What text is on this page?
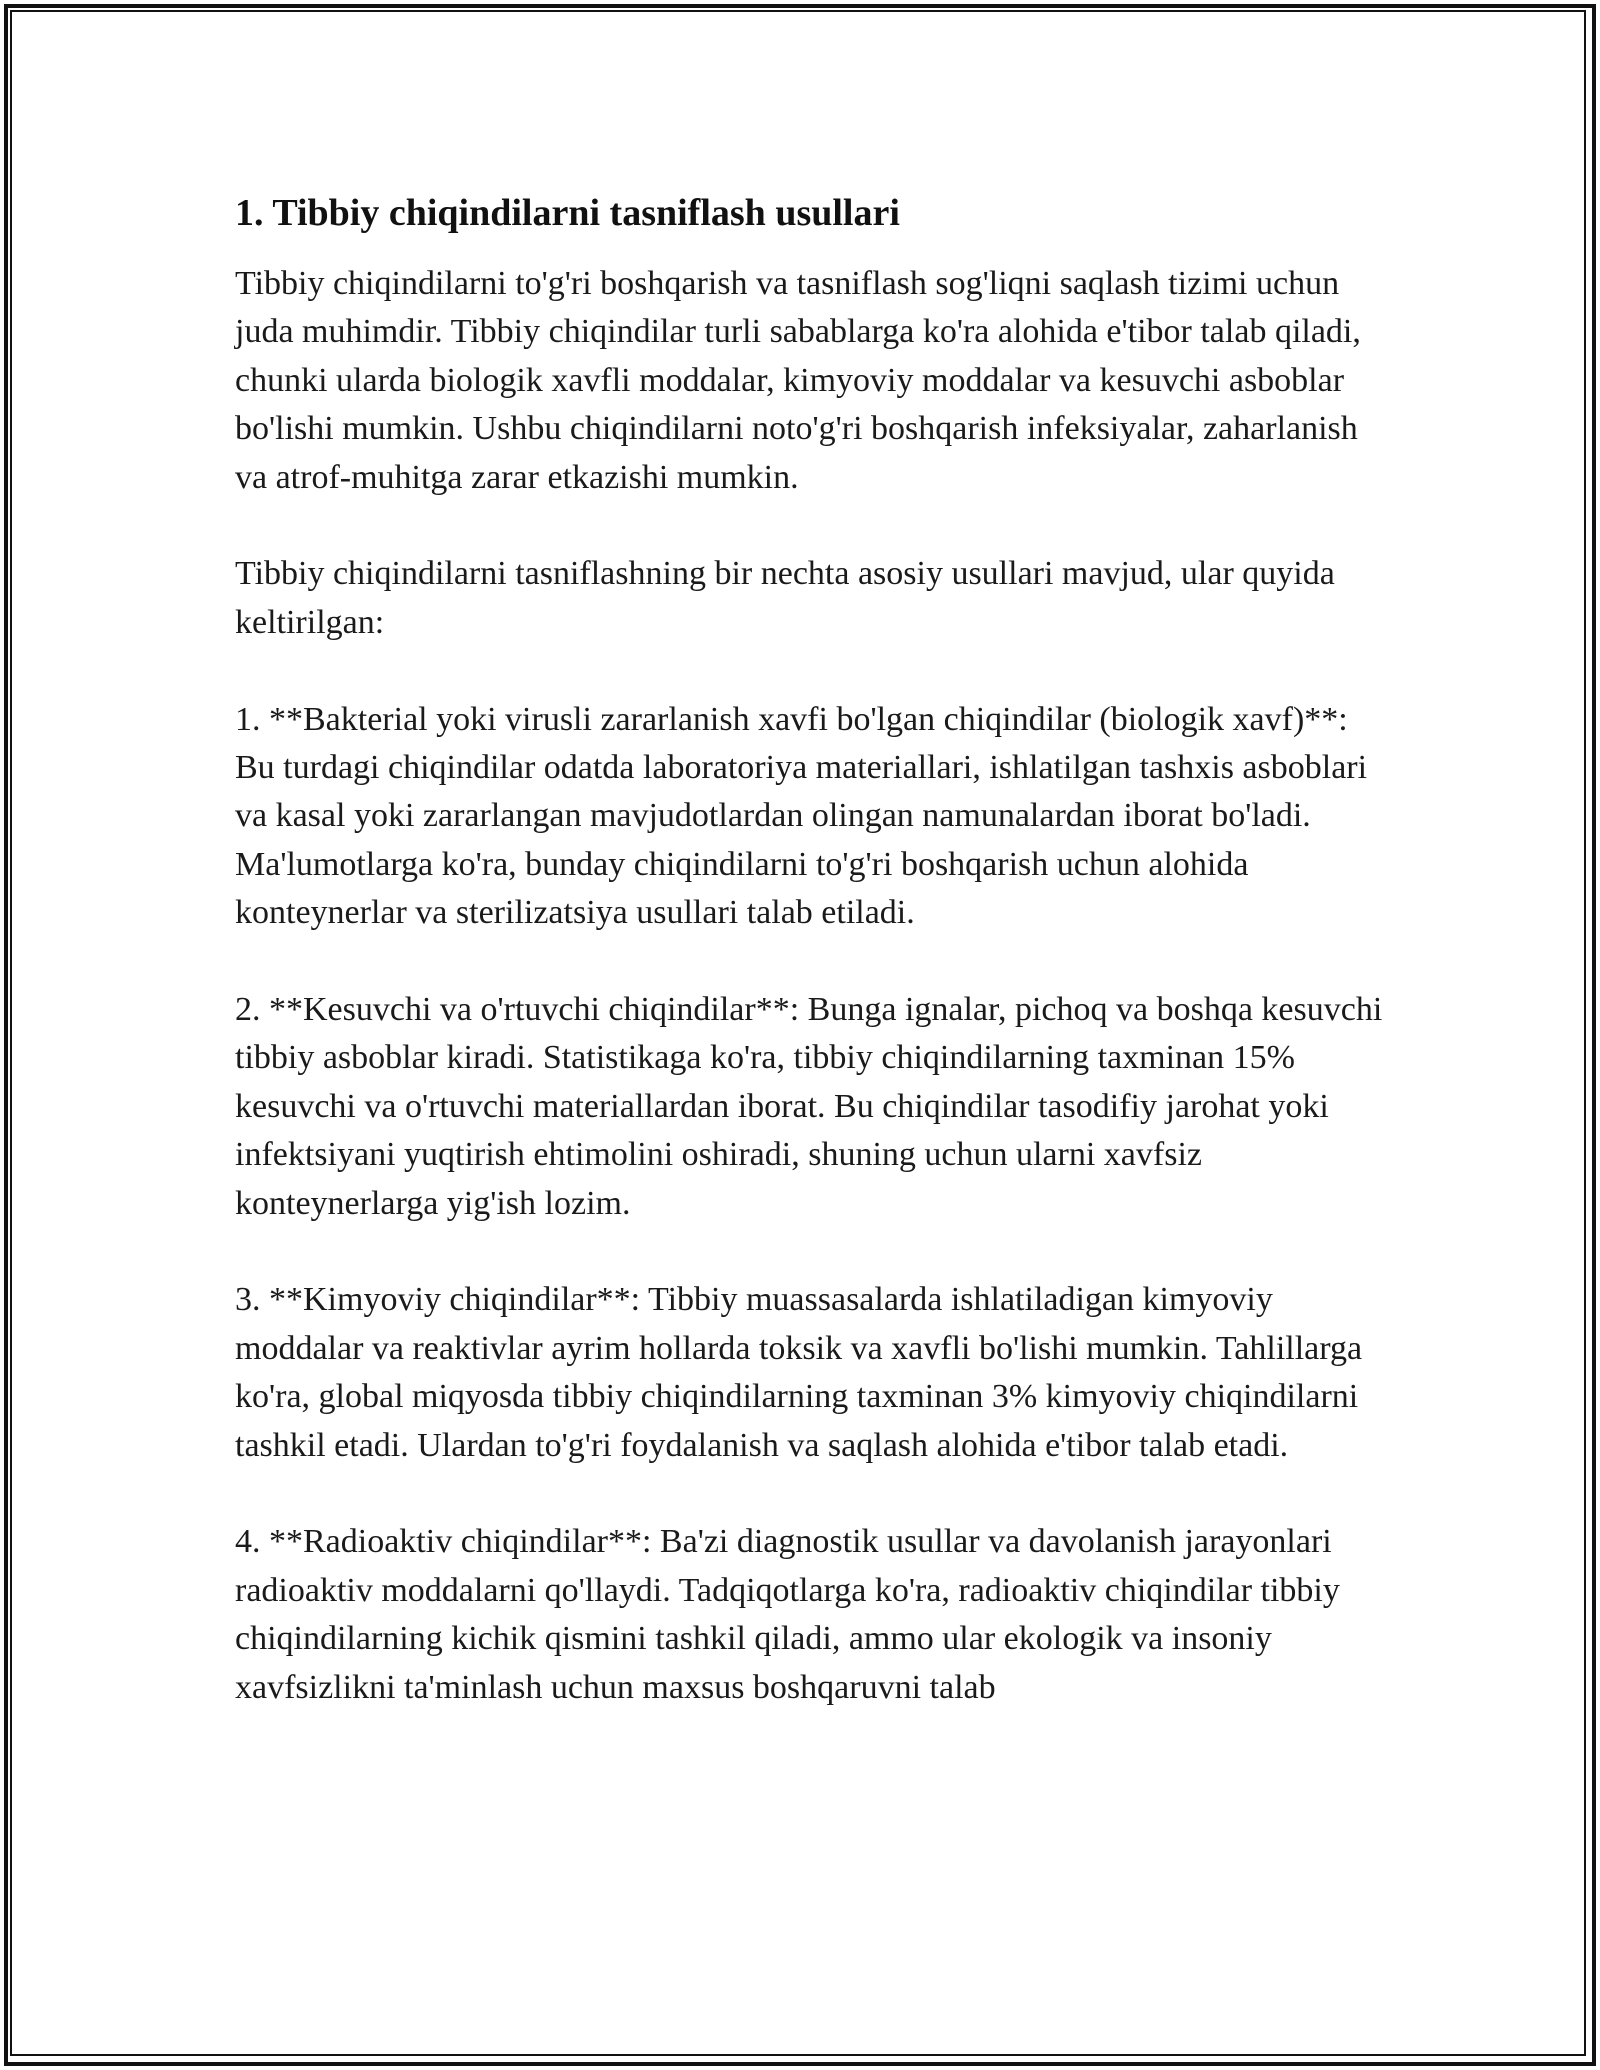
1. Tibbiy chiqindilarni tasniflash usullari

Tibbiy chiqindilarni to'g'ri boshqarish va tasniflash sog'liqni saqlash tizimi uchun juda muhimdir. Tibbiy chiqindilar turli sabablarga ko'ra alohida e'tibor talab qiladi, chunki ularda biologik xavfli moddalar, kimyoviy moddalar va kesuvchi asboblar bo'lishi mumkin. Ushbu chiqindilarni noto'g'ri boshqarish infeksiyalar, zaharlanish va atrof-muhitga zarar etkazishi mumkin.

Tibbiy chiqindilarni tasniflashning bir nechta asosiy usullari mavjud, ular quyida keltirilgan:

1. **Bakterial yoki virusli zararlanish xavfi bo'lgan chiqindilar (biologik xavf)**: Bu turdagi chiqindilar odatda laboratoriya materiallari, ishlatilgan tashxis asboblari va kasal yoki zararlangan mavjudotlardan olingan namunalardan iborat bo'ladi. Ma'lumotlarga ko'ra, bunday chiqindilarni to'g'ri boshqarish uchun alohida konteynerlar va sterilizatsiya usullari talab etiladi.

2. **Kesuvchi va o'rtuvchi chiqindilar**: Bunga ignalar, pichoq va boshqa kesuvchi tibbiy asboblar kiradi. Statistikaga ko'ra, tibbiy chiqindilarning taxminan 15% kesuvchi va o'rtuvchi materiallardan iborat. Bu chiqindilar tasodifiy jarohat yoki infektsiyani yuqtirish ehtimolini oshiradi, shuning uchun ularni xavfsiz konteynerlarga yig'ish lozim.

3. **Kimyoviy chiqindilar**: Tibbiy muassasalarda ishlatiladigan kimyoviy moddalar va reaktivlar ayrim hollarda toksik va xavfli bo'lishi mumkin. Tahlillarga ko'ra, global miqyosda tibbiy chiqindilarning taxminan 3% kimyoviy chiqindilarni tashkil etadi. Ulardan to'g'ri foydalanish va saqlash alohida e'tibor talab etadi.

4. **Radioaktiv chiqindilar**: Ba'zi diagnostik usullar va davolanish jarayonlari radioaktiv moddalarni qo'llaydi. Tadqiqotlarga ko'ra, radioaktiv chiqindilar tibbiy chiqindilarning kichik qismini tashkil qiladi, ammo ular ekologik va insoniy xavfsizlikni ta'minlash uchun maxsus boshqaruvni talab
